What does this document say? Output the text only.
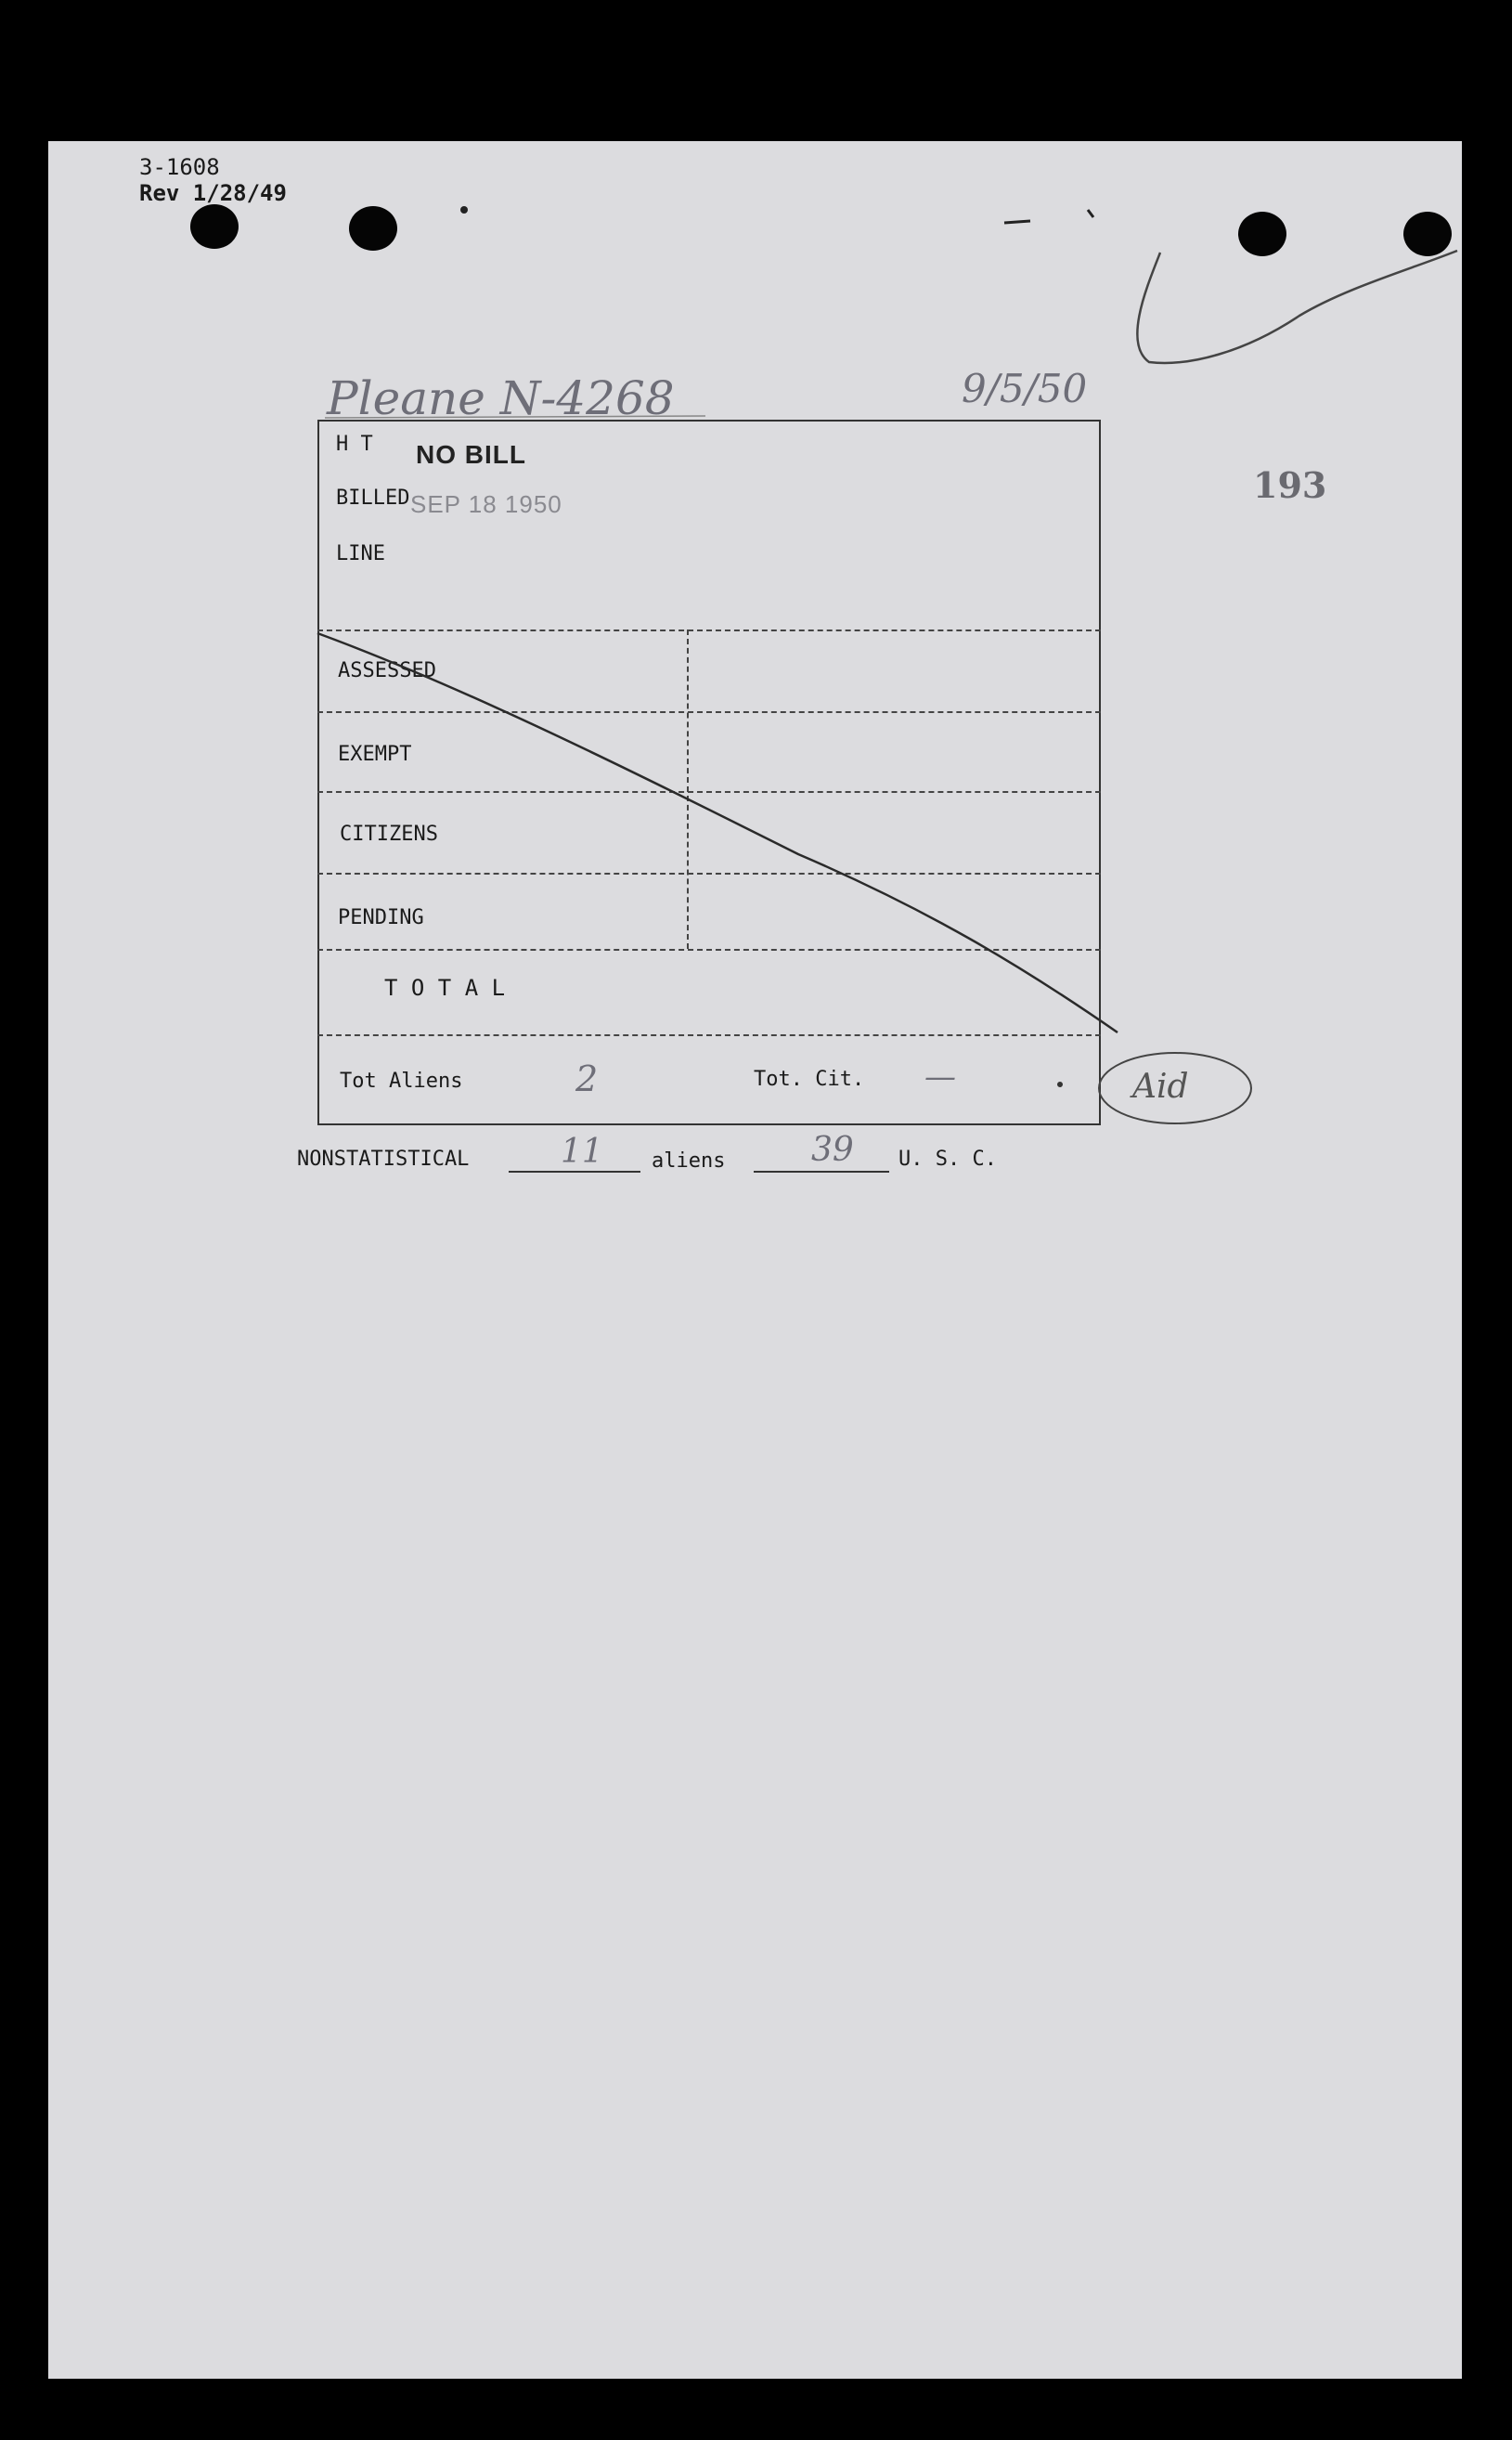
3-1608
Rev 1/28/49
193
Pleane N-4268	9/5/50
H T
BILLED
LINE
NO BILL
SEP 18 1950
ASSESSED
EXEMPT
CITIZENS
PENDING
T O T A L
Tot Aliens	2	Tot. Cit. —	Aid
NONSTATISTICAL	11 aliens	39 U. S. C.
